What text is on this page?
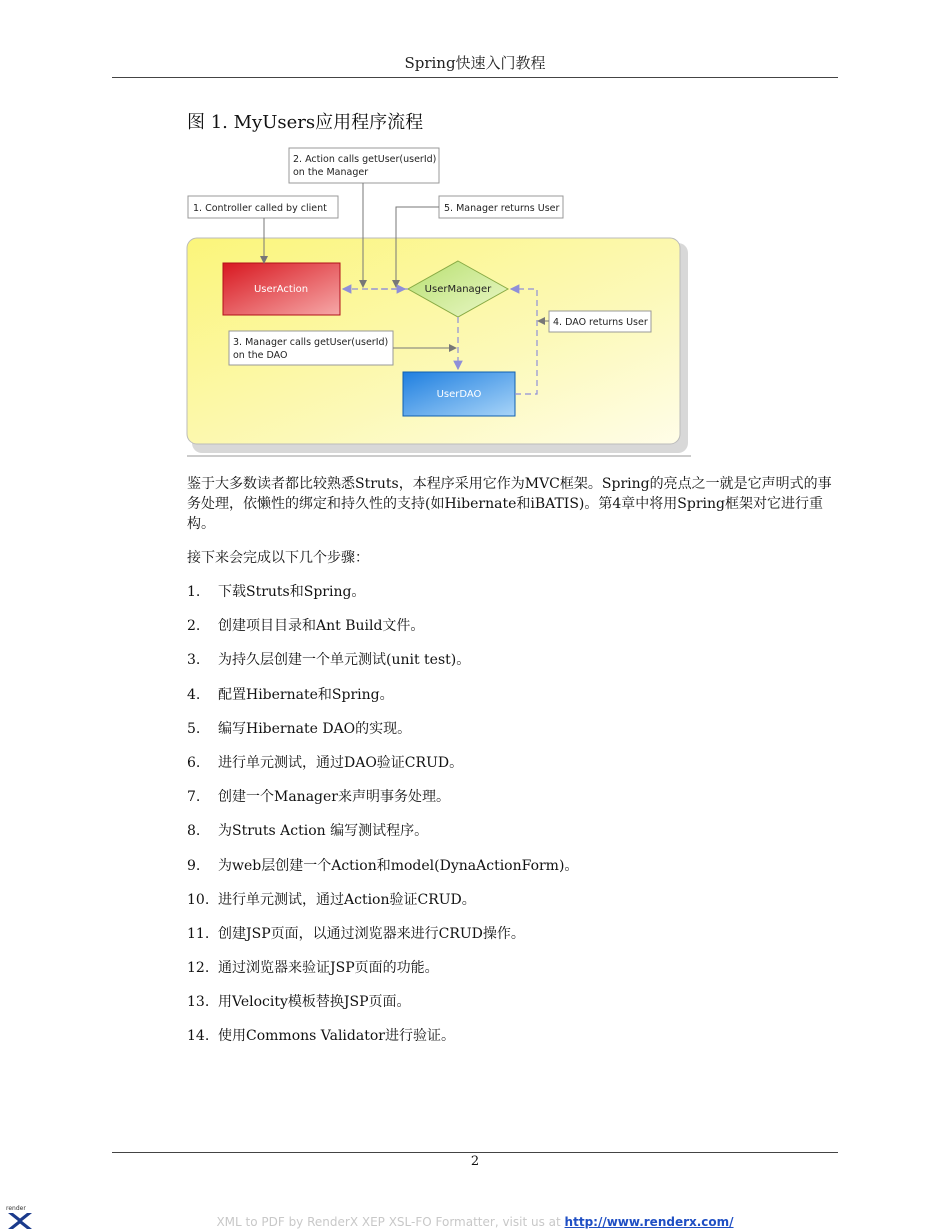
Spring快速入门教程
图 1. MyUsers应用程序流程
2. Action calls getUser(userId)
on the Manager
1. Controller called by client	5. Manager returns User
3. Manager calls getUser(userId)
on the DAO
4. DAO returns User
UserAction	UserManager
UserDAO
鉴于大多数读者都比较熟悉Struts，本程序采用它作为MVC框架。Spring的亮点之一就是它声明式的事务处理，依懒性的绑定和持久性的支持(如Hibernate和iBATIS)。第4章中将用Spring框架对它进行重构。
接下来会完成以下几个步骤：
1.	下载Struts和Spring。
2.	创建项目目录和Ant Build文件。
3.	为持久层创建一个单元测试(unit test)。
4.	配置Hibernate和Spring。
5.	编写Hibernate DAO的实现。
6.	进行单元测试，通过DAO验证CRUD。
7.	创建一个Manager来声明事务处理。
8.	为Struts Action 编写测试程序。
9.	为web层创建一个Action和model(DynaActionForm)。
10. 进行单元测试，通过Action验证CRUD。
11. 创建JSP页面，以通过浏览器来进行CRUD操作。
12. 通过浏览器来验证JSP页面的功能。
13. 用Velocity模板替换JSP页面。
14. 使用Commons Validator进行验证。
2
render
XML to PDF by RenderX XEP XSL-FO Formatter, visit us at http://www.renderx.com/
